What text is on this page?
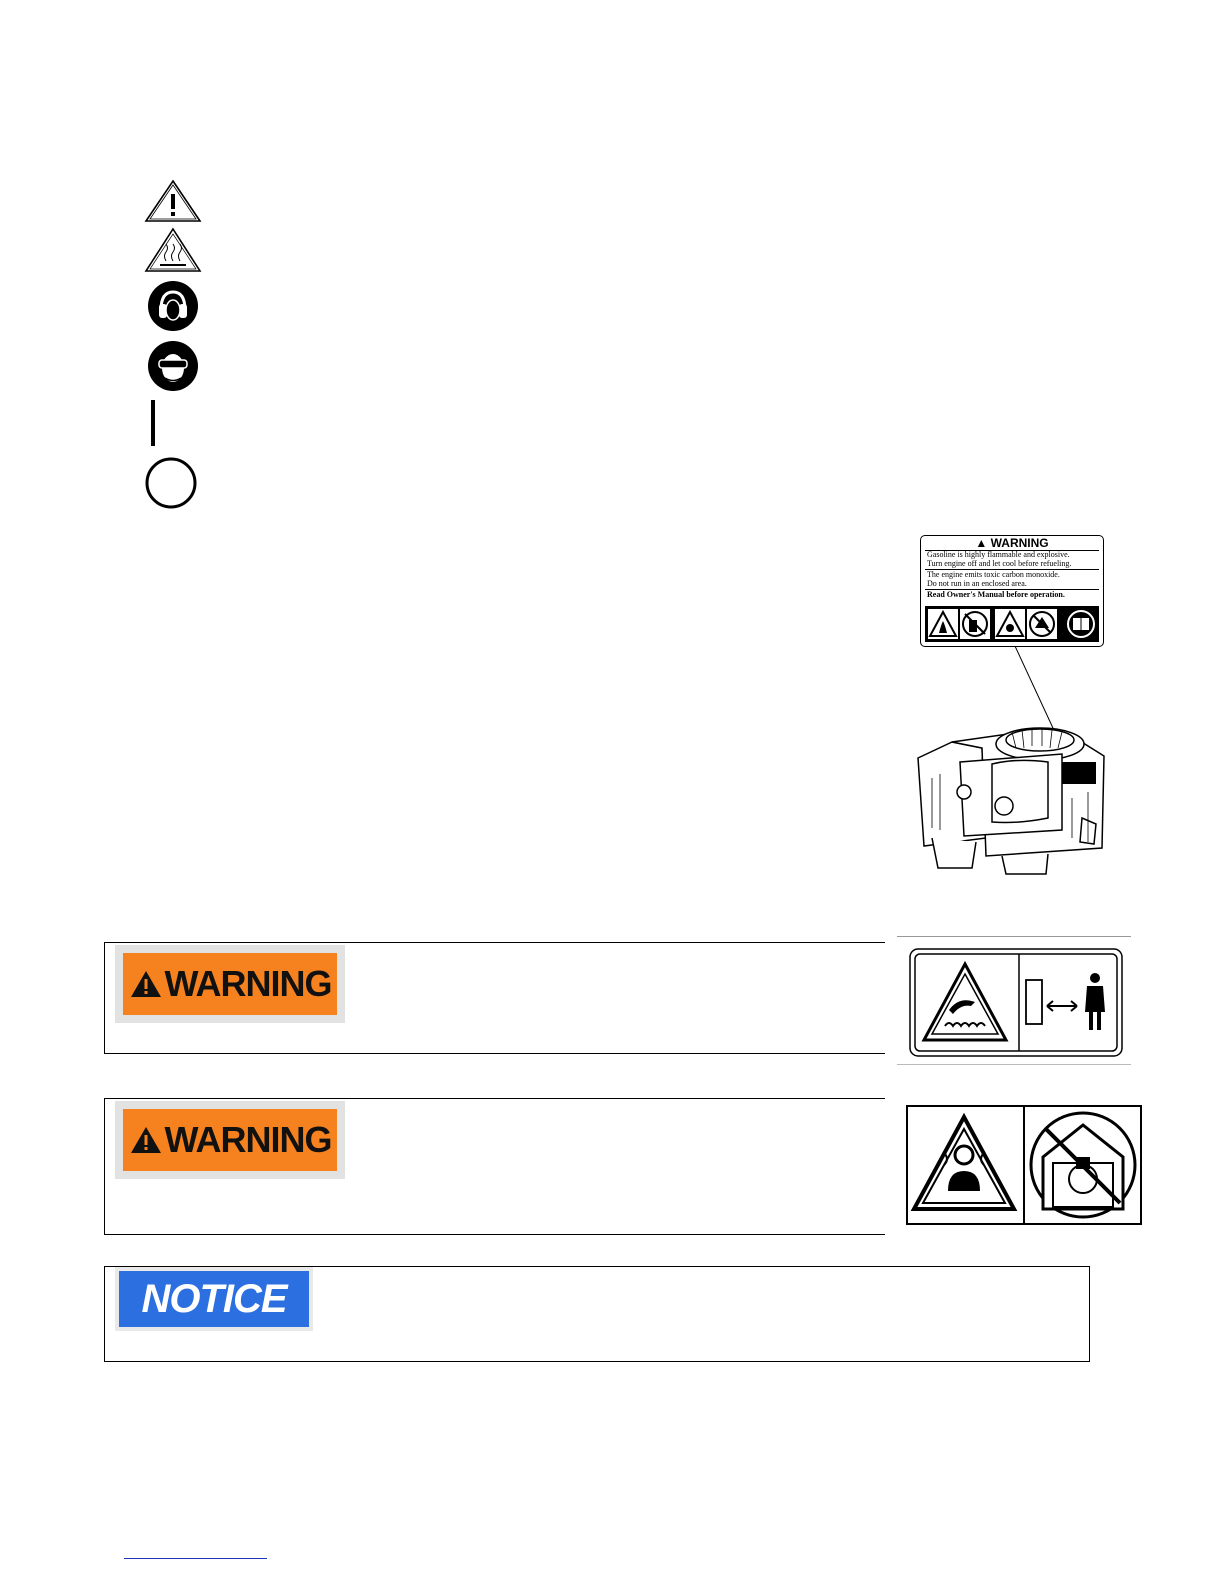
▲ WARNING
Gasoline is highly flammable and explosive.
Turn engine off and let cool before refueling.
The engine emits toxic carbon monoxide.
Do not run in an enclosed area.
Read Owner's Manual before operation.
WARNING
WARNING
NOTICE
